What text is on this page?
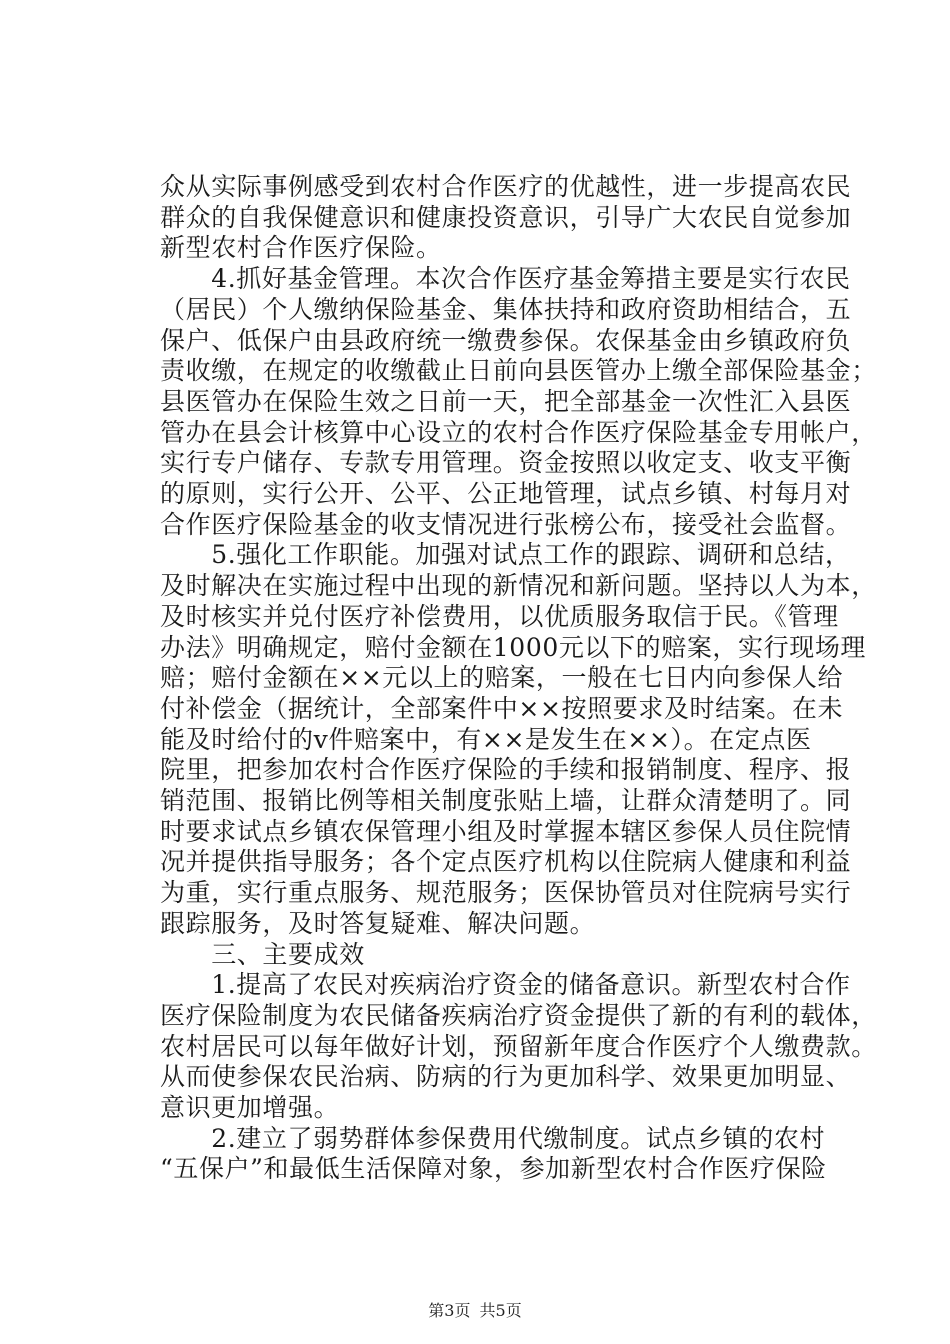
众从实际事例感受到农村合作医疗的优越性，进一步提高农民
群众的自我保健意识和健康投资意识，引导广大农民自觉参加
新型农村合作医疗保险。
　　4.抓好基金管理。本次合作医疗基金筹措主要是实行农民
（居民）个人缴纳保险基金、集体扶持和政府资助相结合，五
保户、低保户由县政府统一缴费参保。农保基金由乡镇政府负
责收缴，在规定的收缴截止日前向县医管办上缴全部保险基金；
县医管办在保险生效之日前一天，把全部基金一次性汇入县医
管办在县会计核算中心设立的农村合作医疗保险基金专用帐户，
实行专户储存、专款专用管理。资金按照以收定支、收支平衡
的原则，实行公开、公平、公正地管理，试点乡镇、村每月对
合作医疗保险基金的收支情况进行张榜公布，接受社会监督。
　　5.强化工作职能。加强对试点工作的跟踪、调研和总结，
及时解决在实施过程中出现的新情况和新问题。坚持以人为本，
及时核实并兑付医疗补偿费用，以优质服务取信于民。《管理
办法》明确规定，赔付金额在1000元以下的赔案，实行现场理
赔；赔付金额在××元以上的赔案，一般在七日内向参保人给
付补偿金（据统计，全部案件中××按照要求及时结案。在未
能及时给付的v件赔案中，有××是发生在××）。在定点医
院里，把参加农村合作医疗保险的手续和报销制度、程序、报
销范围、报销比例等相关制度张贴上墙，让群众清楚明了。同
时要求试点乡镇农保管理小组及时掌握本辖区参保人员住院情
况并提供指导服务；各个定点医疗机构以住院病人健康和利益
为重，实行重点服务、规范服务；医保协管员对住院病号实行
跟踪服务，及时答复疑难、解决问题。
　　三、主要成效
　　1.提高了农民对疾病治疗资金的储备意识。新型农村合作
医疗保险制度为农民储备疾病治疗资金提供了新的有利的载体，
农村居民可以每年做好计划，预留新年度合作医疗个人缴费款。
从而使参保农民治病、防病的行为更加科学、效果更加明显、
意识更加增强。
　　2.建立了弱势群体参保费用代缴制度。试点乡镇的农村
“五保户”和最低生活保障对象，参加新型农村合作医疗保险
第3页 共5页
